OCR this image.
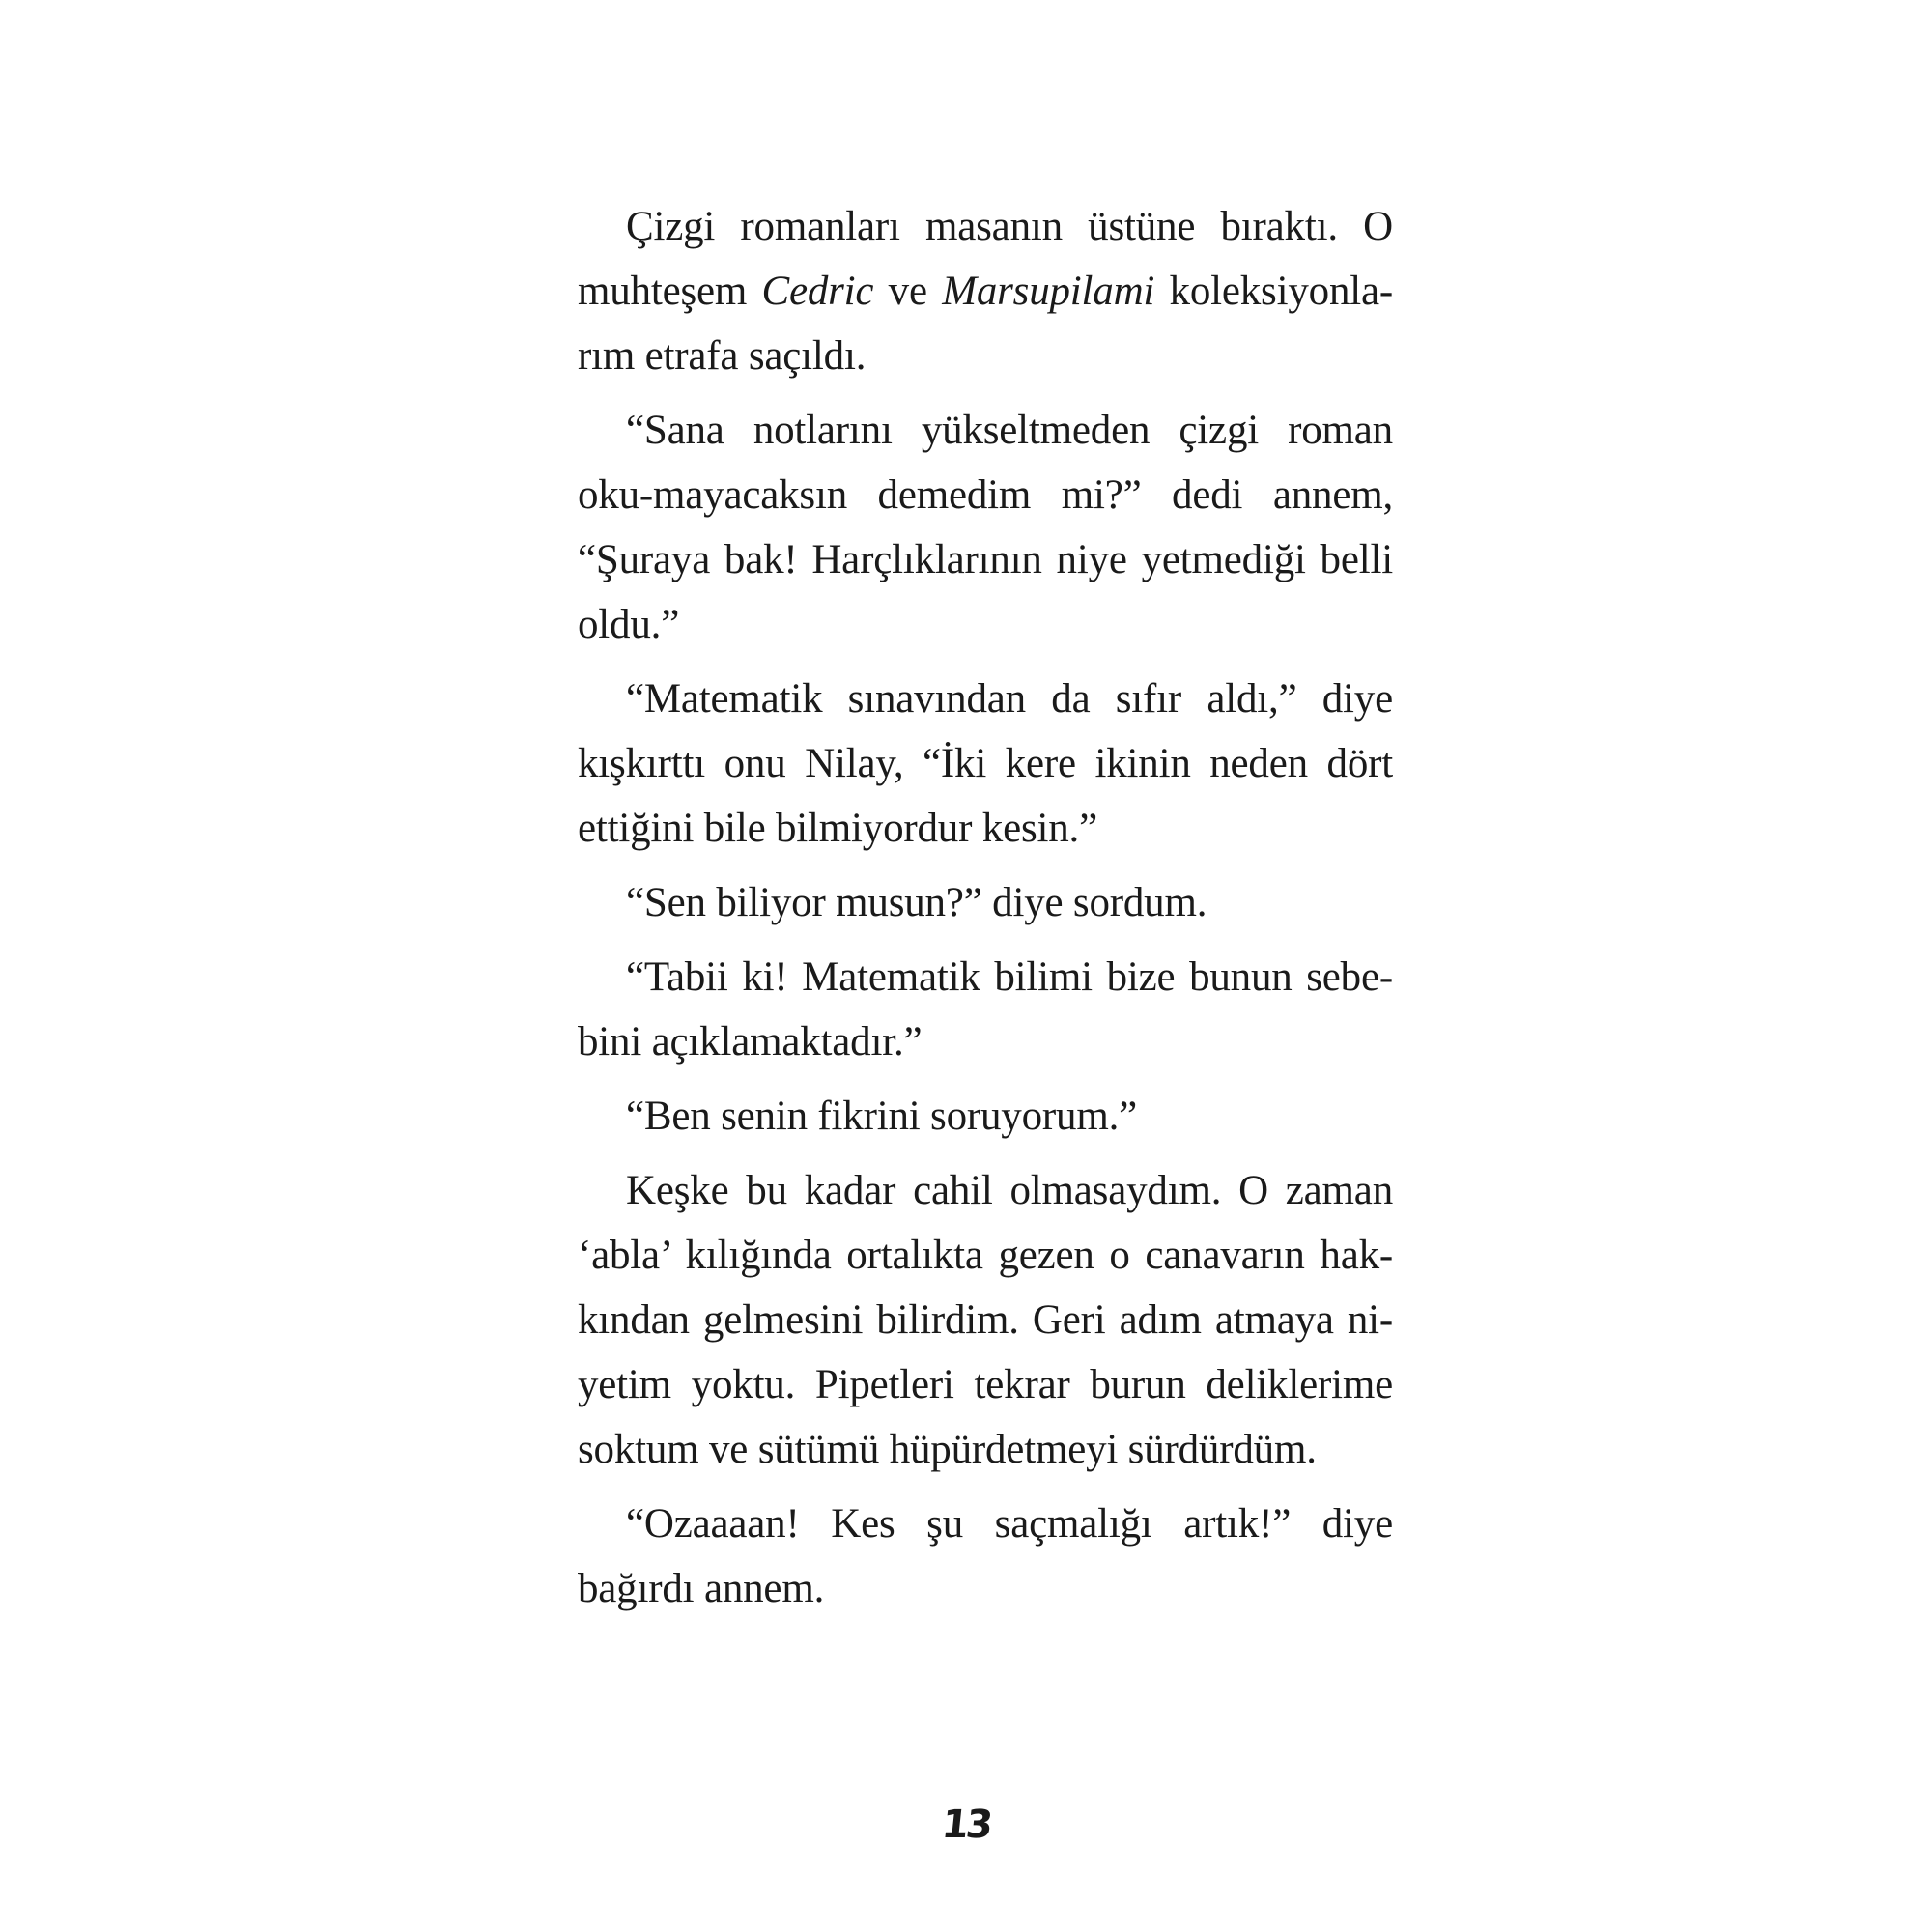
Çizgi romanları masanın üstüne bıraktı. O muhteşem Cedric ve Marsupilami koleksiyonla-​rım etrafa saçıldı.

“Sana notlarını yükseltmeden çizgi roman oku-​mayacaksın demedim mi?” dedi annem, “Şuraya bak! Harçlıklarının niye yetmediği belli oldu.”

“Matematik sınavından da sıfır aldı,” diye kışkırttı onu Nilay, “İki kere ikinin neden dört ettiğini bile bilmiyordur kesin.”

“Sen biliyor musun?” diye sordum.

“Tabii ki! Matematik bilimi bize bunun sebe-​bini açıklamaktadır.”

“Ben senin fikrini soruyorum.”

Keşke bu kadar cahil olmasaydım. O zaman ‘abla’ kılığında ortalıkta gezen o canavarın hak-​kından gelmesini bilirdim. Geri adım atmaya ni-​yetim yoktu. Pipetleri tekrar burun deliklerime soktum ve sütümü hüpürdetmeyi sürdürdüm.

“Ozaaaan! Kes şu saçmalığı artık!” diye bağırdı annem.

13
